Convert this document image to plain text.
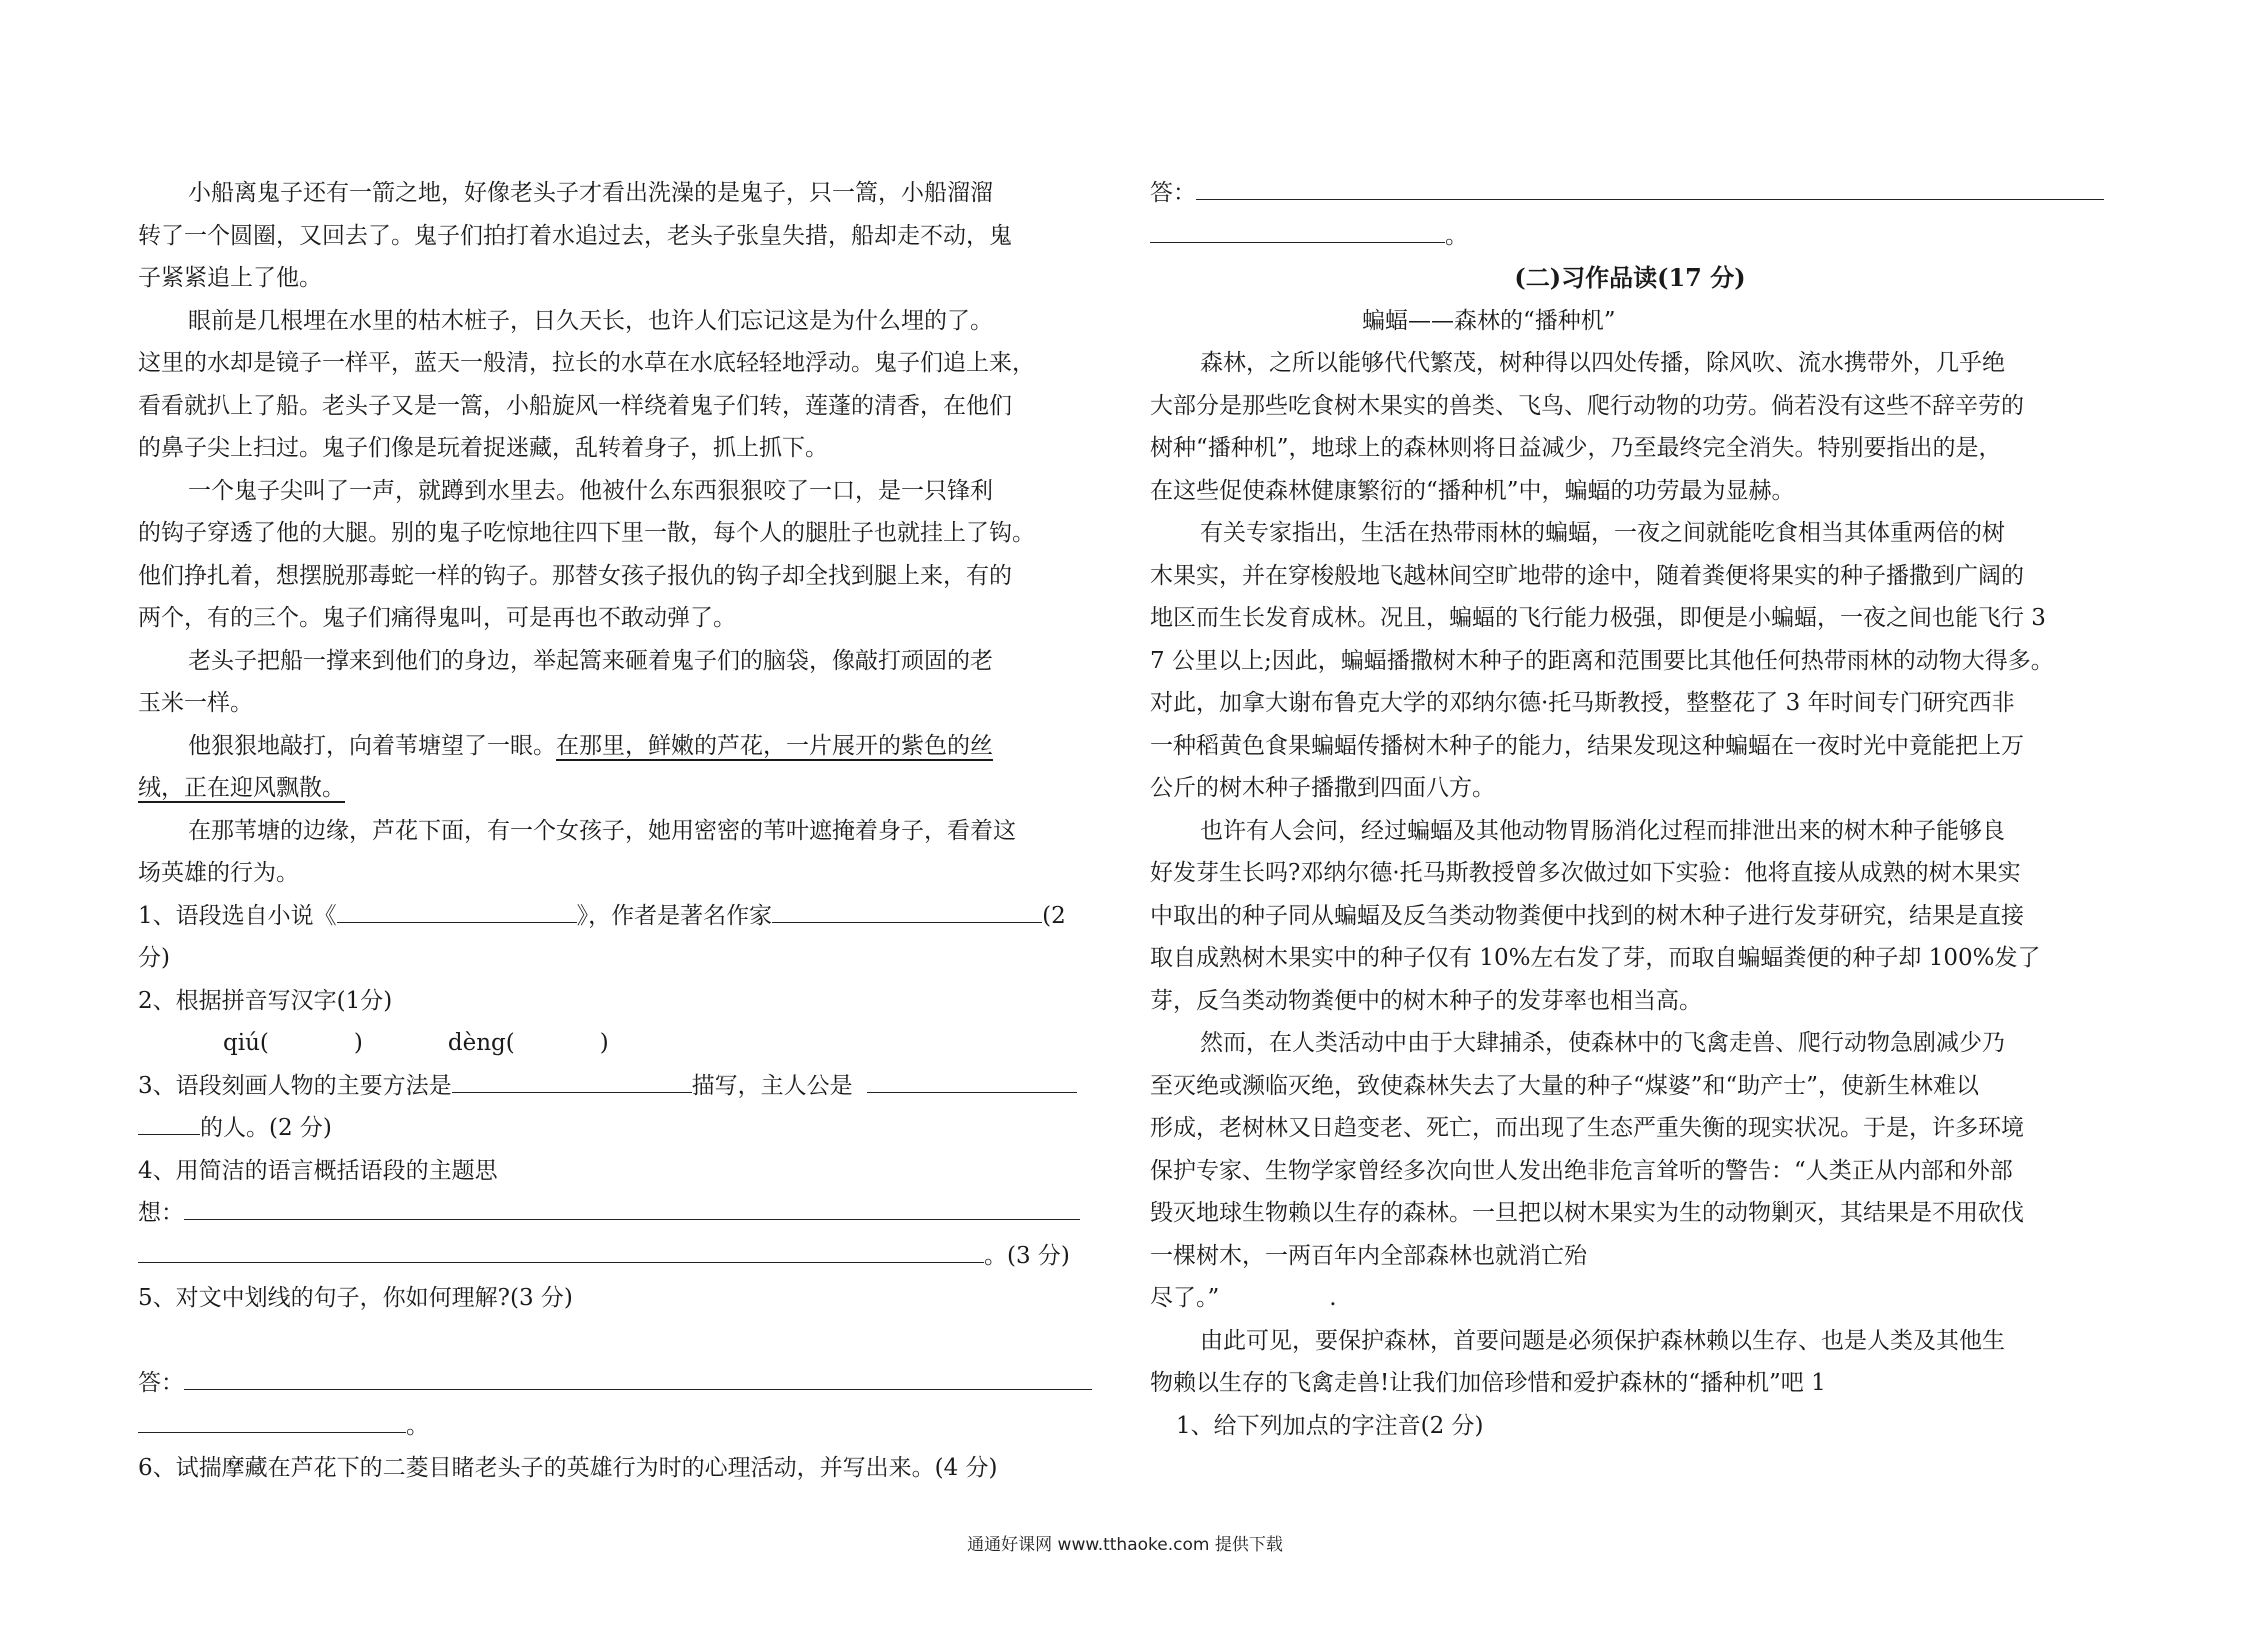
小船离鬼子还有一箭之地，好像老头子才看出洗澡的是鬼子，只一篙，小船溜溜
转了一个圆圈，又回去了。鬼子们拍打着水追过去，老头子张皇失措，船却走不动，鬼
子紧紧追上了他。
眼前是几根埋在水里的枯木桩子，日久天长，也许人们忘记这是为什么埋的了。
这里的水却是镜子一样平，蓝天一般清，拉长的水草在水底轻轻地浮动。鬼子们追上来，
看看就扒上了船。老头子又是一篙，小船旋风一样绕着鬼子们转，莲蓬的清香，在他们
的鼻子尖上扫过。鬼子们像是玩着捉迷藏，乱转着身子，抓上抓下。
一个鬼子尖叫了一声，就蹲到水里去。他被什么东西狠狠咬了一口，是一只锋利
的钩子穿透了他的大腿。别的鬼子吃惊地往四下里一散，每个人的腿肚子也就挂上了钩。
他们挣扎着，想摆脱那毒蛇一样的钩子。那替女孩子报仇的钩子却全找到腿上来，有的
两个，有的三个。鬼子们痛得鬼叫，可是再也不敢动弹了。
老头子把船一撑来到他们的身边，举起篙来砸着鬼子们的脑袋，像敲打顽固的老
玉米一样。
他狠狠地敲打，向着苇塘望了一眼。在那里，鲜嫩的芦花，一片展开的紫色的丝
绒，正在迎风飘散。
在那苇塘的边缘，芦花下面，有一个女孩子，她用密密的苇叶遮掩着身子，看着这
场英雄的行为。
1、语段选自小说《	》，作者是著名作家	(2
分)
2、根据拼音写汉字(1分)
qiú(	)	dèng(	)
3、语段刻画人物的主要方法是	描写，主人公是
的人。(2 分)
4、用简洁的语言概括语段的主题思
想：
。(3 分)
5、对文中划线的句子，你如何理解?(3 分)
答：
。
6、试揣摩藏在芦花下的二菱目睹老头子的英雄行为时的心理活动，并写出来。(4 分)
答：
。
(二)习作品读(17 分)
蝙蝠——森林的“播种机”
森林，之所以能够代代繁茂，树种得以四处传播，除风吹、流水携带外，几乎绝
大部分是那些吃食树木果实的兽类、飞鸟、爬行动物的功劳。倘若没有这些不辞辛劳的
树种“播种机”，地球上的森林则将日益减少，乃至最终完全消失。特别要指出的是，
在这些促使森林健康繁衍的“播种机”中，蝙蝠的功劳最为显赫。
有关专家指出，生活在热带雨林的蝙蝠，一夜之间就能吃食相当其体重两倍的树
木果实，并在穿梭般地飞越林间空旷地带的途中，随着粪便将果实的种子播撒到广阔的
地区而生长发育成林。况且，蝙蝠的飞行能力极强，即便是小蝙蝠，一夜之间也能飞行 3
7 公里以上;因此，蝙蝠播撒树木种子的距离和范围要比其他任何热带雨林的动物大得多。
对此，加拿大谢布鲁克大学的邓纳尔德·托马斯教授，整整花了 3 年时间专门研究西非
一种稻黄色食果蝙蝠传播树木种子的能力，结果发现这种蝙蝠在一夜时光中竟能把上万
公斤的树木种子播撒到四面八方。
也许有人会问，经过蝙蝠及其他动物胃肠消化过程而排泄出来的树木种子能够良
好发芽生长吗?邓纳尔德·托马斯教授曾多次做过如下实验：他将直接从成熟的树木果实
中取出的种子同从蝙蝠及反刍类动物粪便中找到的树木种子进行发芽研究，结果是直接
取自成熟树木果实中的种子仅有 10%左右发了芽，而取自蝙蝠粪便的种子却 100%发了
芽，反刍类动物粪便中的树木种子的发芽率也相当高。
然而，在人类活动中由于大肆捕杀，使森林中的飞禽走兽、爬行动物急剧减少乃
至灭绝或濒临灭绝，致使森林失去了大量的种子“煤婆”和“助产士”，使新生林难以
形成，老树林又日趋变老、死亡，而出现了生态严重失衡的现实状况。于是，许多环境
保护专家、生物学家曾经多次向世人发出绝非危言耸听的警告：“人类正从内部和外部
毁灭地球生物赖以生存的森林。一旦把以树木果实为生的动物剿灭，其结果是不用砍伐
一棵树木，一两百年内全部森林也就消亡殆
尽了。”	.
由此可见，要保护森林，首要问题是必须保护森林赖以生存、也是人类及其他生
物赖以生存的飞禽走兽!让我们加倍珍惜和爱护森林的“播种机”吧 1
1、给下列加点的字注音(2 分)
通通好课网 www.tthaoke.com 提供下载
